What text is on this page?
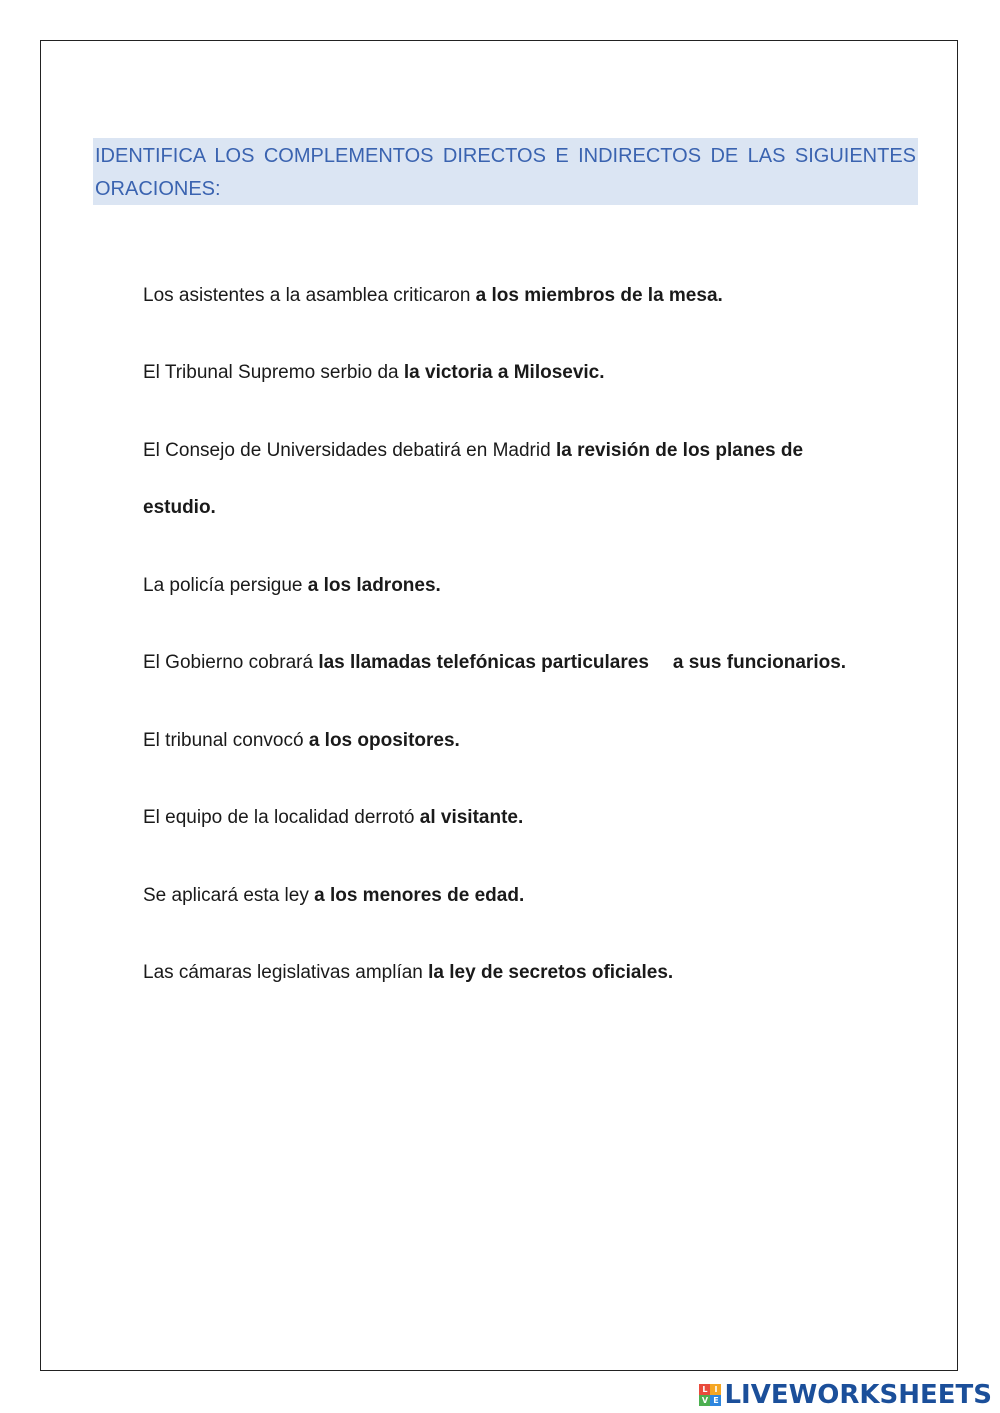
IDENTIFICA LOS COMPLEMENTOS DIRECTOS E INDIRECTOS DE LAS SIGUIENTES
ORACIONES:
Los asistentes a la asamblea criticaron a los miembros de la mesa.
El Tribunal Supremo serbio da la victoria a Milosevic.
El Consejo de Universidades debatirá en Madrid la revisión de los planes de
estudio.
La policía persigue a los ladrones.
El Gobierno cobrará las llamadas telefónicas particulares a sus funcionarios.
El tribunal convocó a los opositores.
El equipo de la localidad derrotó al visitante.
Se aplicará esta ley a los menores de edad.
Las cámaras legislativas amplían la ley de secretos oficiales.
L I
V E LIVEWORKSHEETS
